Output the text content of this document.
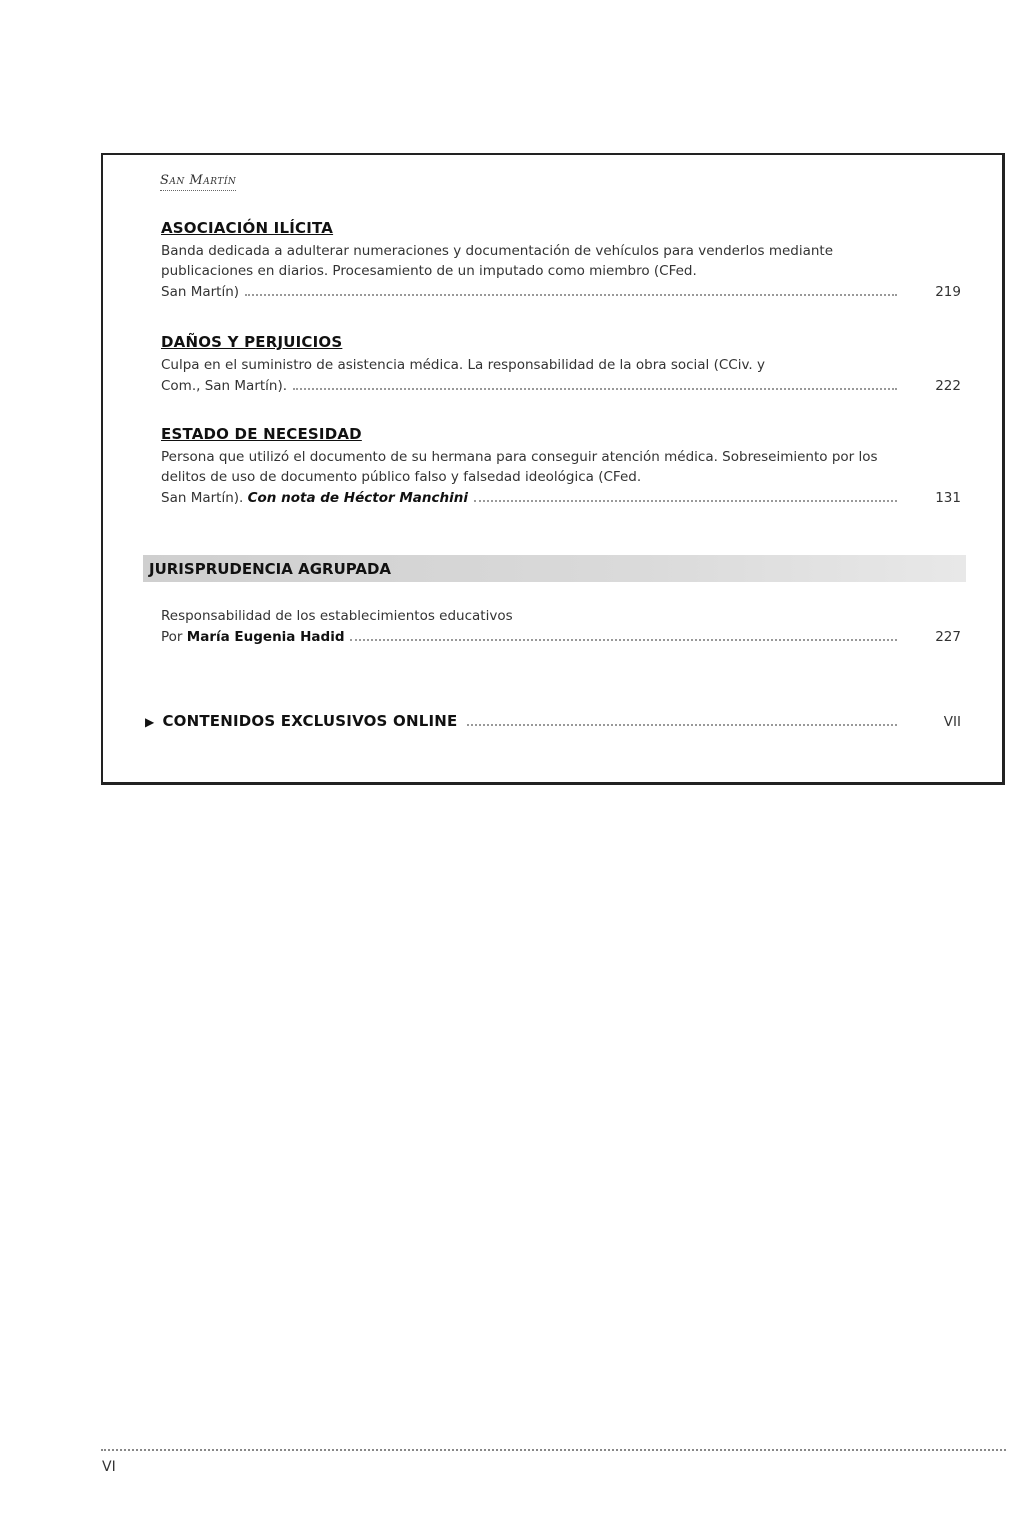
San Martín
ASOCIACIÓN ILÍCITA

Banda dedicada a adulterar numeraciones y documentación de vehículos para venderlos mediante publicaciones en diarios. Procesamiento de un imputado como miembro (CFed.

San Martín)	219
DAÑOS Y PERJUICIOS

Culpa en el suministro de asistencia médica. La responsabilidad de la obra social (CCiv. y

Com., San Martín).	222
ESTADO DE NECESIDAD

Persona que utilizó el documento de su hermana para conseguir atención médica. Sobreseimiento por los delitos de uso de documento público falso y falsedad ideológica (CFed.

San Martín). Con nota de Héctor Manchini	131
JURISPRUDENCIA AGRUPADA

Responsabilidad de los establecimientos educativos

Por María Eugenia Hadid	227
▶ CONTENIDOS EXCLUSIVOS ONLINE	VII
VI
